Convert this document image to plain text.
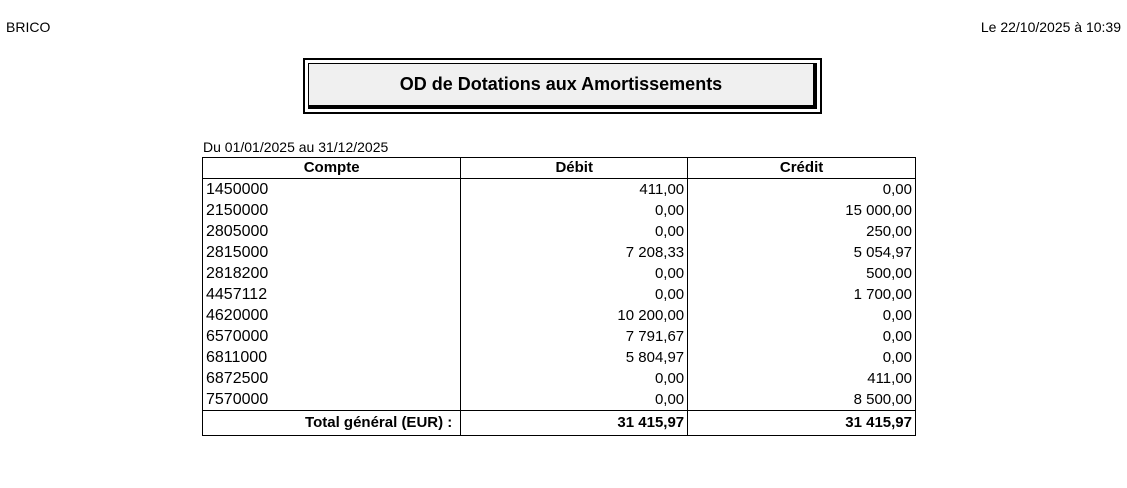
BRICO	Le 22/10/2025 à 10:39
OD de Dotations aux Amortissements
Du 01/01/2025 au 31/12/2025
Compte	Débit	Crédit
1450000	411,00	0,00
2150000	0,00	15 000,00
2805000	0,00	250,00
2815000	7 208,33	5 054,97
2818200	0,00	500,00
4457112	0,00	1 700,00
4620000	10 200,00	0,00
6570000	7 791,67	0,00
6811000	5 804,97	0,00
6872500	0,00	411,00
7570000	0,00	8 500,00
Total général (EUR) :	31 415,97	31 415,97
